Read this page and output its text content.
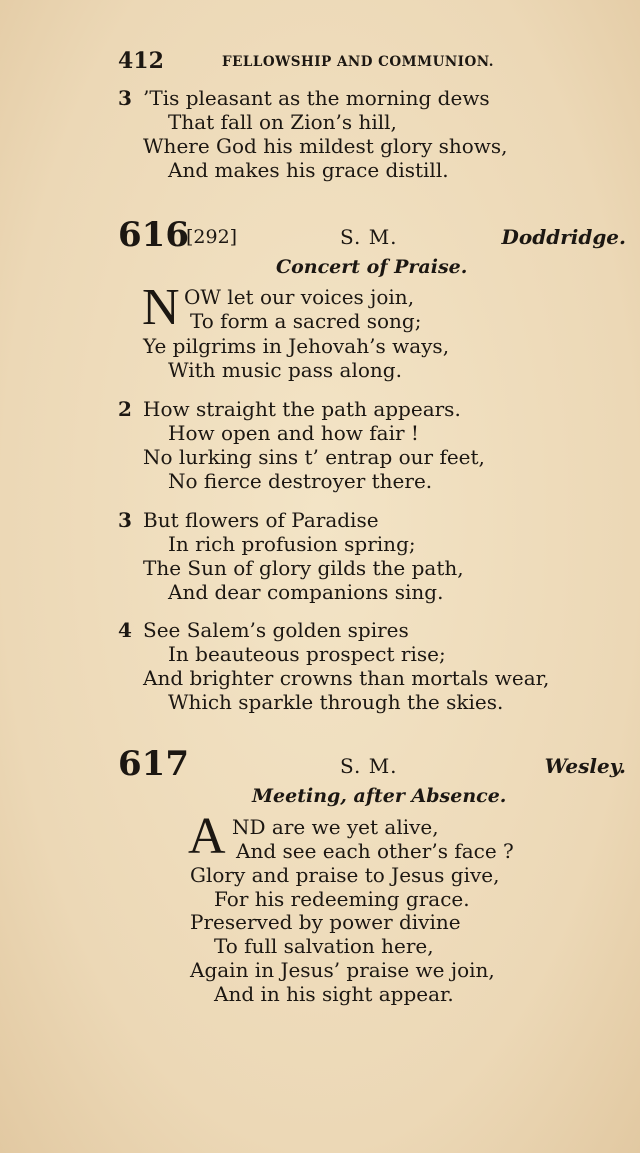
412	FELLOWSHIP AND COMMUNION.
3 ’Tis pleasant as the morning dews
That fall on Zion’s hill,
Where God his mildest glory shows,
And makes his grace distill.
616
[292]	S. M.	Doddridge.
Concert of Praise.
N OW let our voices join,
To form a sacred song;
Ye pilgrims in Jehovah’s ways,
With music pass along.
2 How straight the path appears.
How open and how fair !
No lurking sins t’ entrap our feet,
No fierce destroyer there.
3 But flowers of Paradise
In rich profusion spring;
The Sun of glory gilds the path,
And dear companions sing.
4 See Salem’s golden spires
In beauteous prospect rise;
And brighter crowns than mortals wear,
Which sparkle through the skies.
617	S. M.	Wesley.
Meeting, after Absence.
A ND are we yet alive,
And see each other’s face ?
Glory and praise to Jesus give,
For his redeeming grace.
Preserved by power divine
To full salvation here,
Again in Jesus’ praise we join,
And in his sight appear.
